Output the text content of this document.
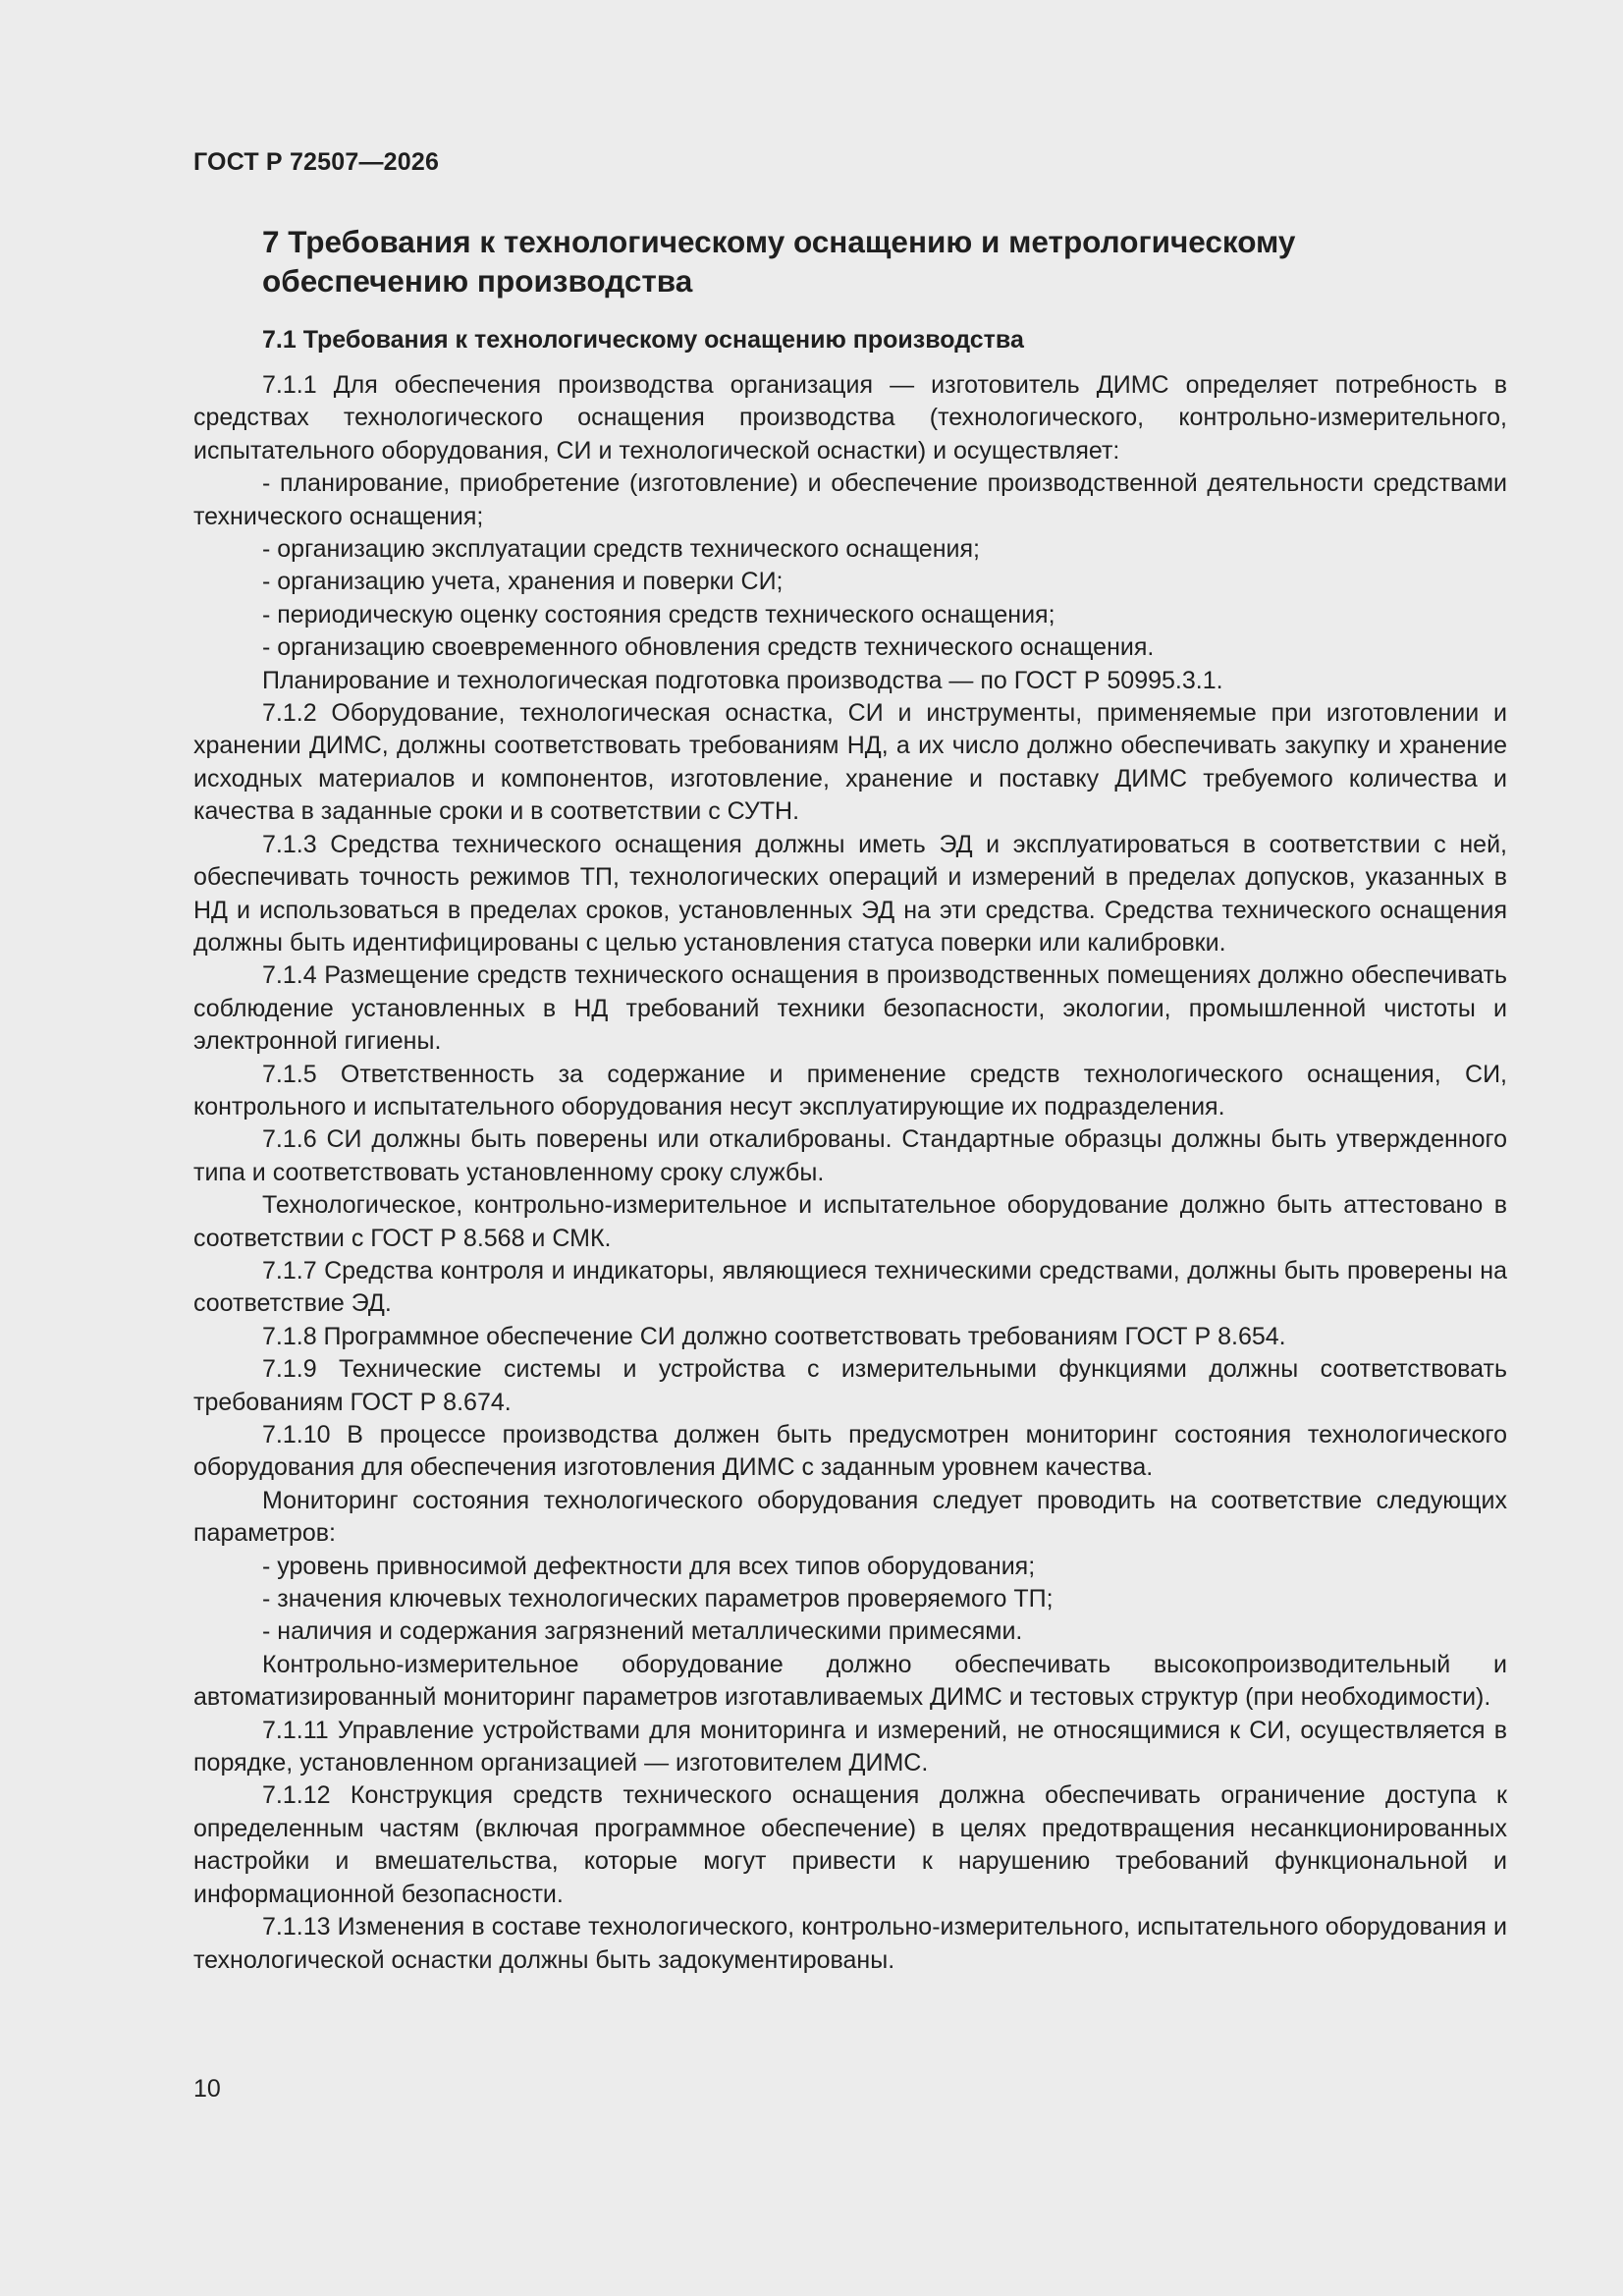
ГОСТ Р 72507—2026
7 Требования к технологическому оснащению и метрологическому обеспечению производства
7.1 Требования к технологическому оснащению производства

7.1.1 Для обеспечения производства организация — изготовитель ДИМС определяет потребность в средствах технологического оснащения производства (технологического, контрольно-измерительного, испытательного оборудования, СИ и технологической оснастки) и осуществляет:

- планирование, приобретение (изготовление) и обеспечение производственной деятельности средствами технического оснащения;

- организацию эксплуатации средств технического оснащения;

- организацию учета, хранения и поверки СИ;

- периодическую оценку состояния средств технического оснащения;

- организацию своевременного обновления средств технического оснащения.

Планирование и технологическая подготовка производства — по ГОСТ Р 50995.3.1.

7.1.2 Оборудование, технологическая оснастка, СИ и инструменты, применяемые при изготовлении и хранении ДИМС, должны соответствовать требованиям НД, а их число должно обеспечивать закупку и хранение исходных материалов и компонентов, изготовление, хранение и поставку ДИМС требуемого количества и качества в заданные сроки и в соответствии с СУТН.

7.1.3 Средства технического оснащения должны иметь ЭД и эксплуатироваться в соответствии с ней, обеспечивать точность режимов ТП, технологических операций и измерений в пределах допусков, указанных в НД и использоваться в пределах сроков, установленных ЭД на эти средства. Средства технического оснащения должны быть идентифицированы с целью установления статуса поверки или калибровки.

7.1.4 Размещение средств технического оснащения в производственных помещениях должно обеспечивать соблюдение установленных в НД требований техники безопасности, экологии, промышленной чистоты и электронной гигиены.

7.1.5 Ответственность за содержание и применение средств технологического оснащения, СИ, контрольного и испытательного оборудования несут эксплуатирующие их подразделения.

7.1.6 СИ должны быть поверены или откалиброваны. Стандартные образцы должны быть утвержденного типа и соответствовать установленному сроку службы.

Технологическое, контрольно-измерительное и испытательное оборудование должно быть аттестовано в соответствии с ГОСТ Р 8.568 и СМК.

7.1.7 Средства контроля и индикаторы, являющиеся техническими средствами, должны быть проверены на соответствие ЭД.

7.1.8 Программное обеспечение СИ должно соответствовать требованиям ГОСТ Р 8.654.

7.1.9 Технические системы и устройства с измерительными функциями должны соответствовать требованиям ГОСТ Р 8.674.

7.1.10 В процессе производства должен быть предусмотрен мониторинг состояния технологического оборудования для обеспечения изготовления ДИМС с заданным уровнем качества.

Мониторинг состояния технологического оборудования следует проводить на соответствие следующих параметров:

- уровень привносимой дефектности для всех типов оборудования;

- значения ключевых технологических параметров проверяемого ТП;

- наличия и содержания загрязнений металлическими примесями.

Контрольно-измерительное оборудование должно обеспечивать высокопроизводительный и автоматизированный мониторинг параметров изготавливаемых ДИМС и тестовых структур (при необходимости).

7.1.11 Управление устройствами для мониторинга и измерений, не относящимися к СИ, осуществляется в порядке, установленном организацией — изготовителем ДИМС.

7.1.12 Конструкция средств технического оснащения должна обеспечивать ограничение доступа к определенным частям (включая программное обеспечение) в целях предотвращения несанкционированных настройки и вмешательства, которые могут привести к нарушению требований функциональной и информационной безопасности.

7.1.13 Изменения в составе технологического, контрольно-измерительного, испытательного оборудования и технологической оснастки должны быть задокументированы.

10
